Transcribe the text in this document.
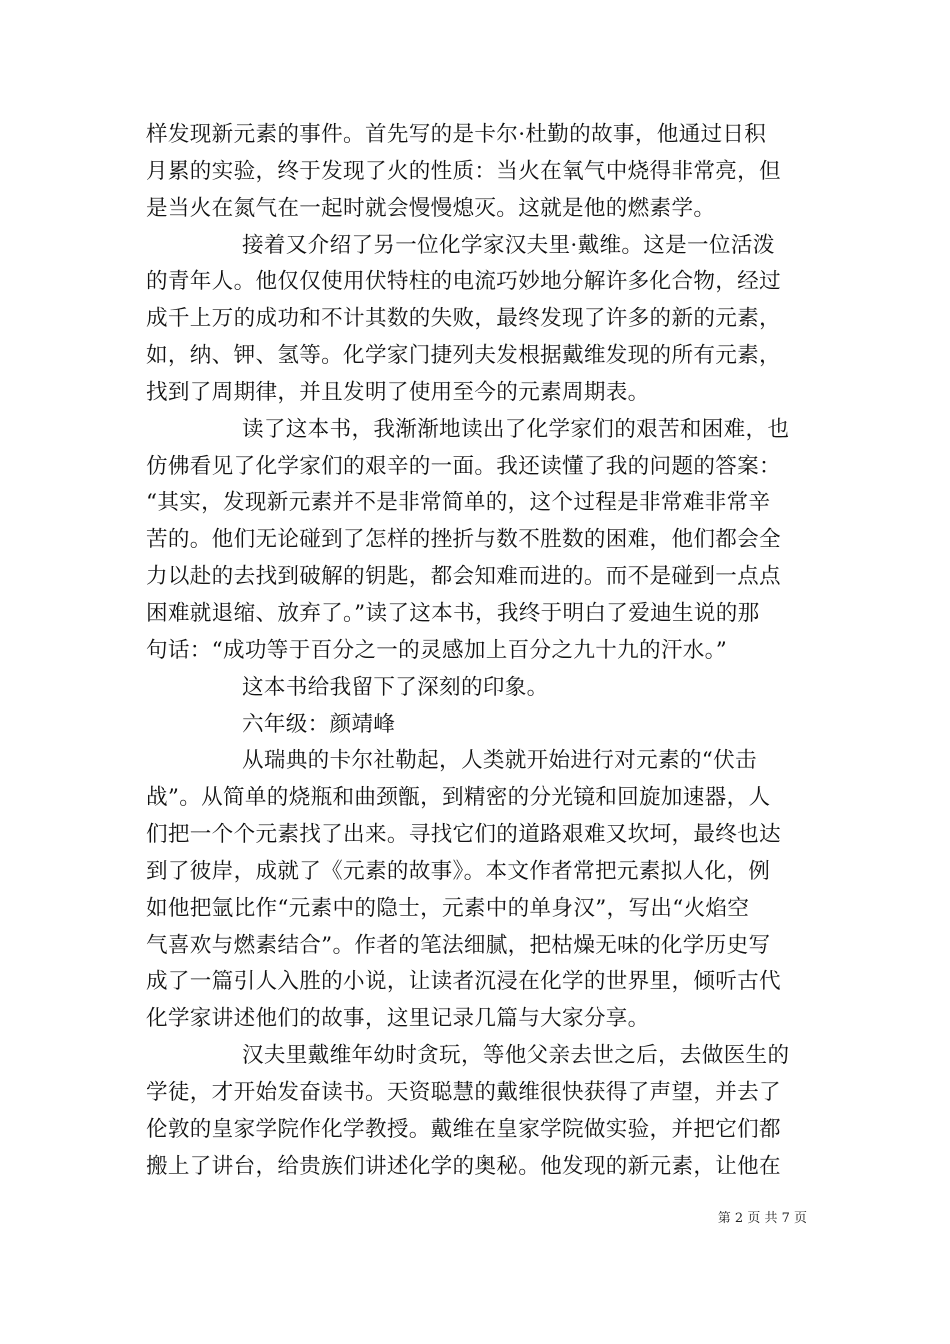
样发现新元素的事件。首先写的是卡尔·杜勤的故事，他通过日积
月累的实验，终于发现了火的性质：当火在氧气中烧得非常亮，但
是当火在氮气在一起时就会慢慢熄灭。这就是他的燃素学。
接着又介绍了另一位化学家汉夫里·戴维。这是一位活泼
的青年人。他仅仅使用伏特柱的电流巧妙地分解许多化合物，经过
成千上万的成功和不计其数的失败，最终发现了许多的新的元素，
如，纳、钾、氢等。化学家门捷列夫发根据戴维发现的所有元素，
找到了周期律，并且发明了使用至今的元素周期表。
读了这本书，我渐渐地读出了化学家们的艰苦和困难，也
仿佛看见了化学家们的艰辛的一面。我还读懂了我的问题的答案：
“其实，发现新元素并不是非常简单的，这个过程是非常难非常辛
苦的。他们无论碰到了怎样的挫折与数不胜数的困难，他们都会全
力以赴的去找到破解的钥匙，都会知难而进的。而不是碰到一点点
困难就退缩、放弃了。”读了这本书，我终于明白了爱迪生说的那
句话：“成功等于百分之一的灵感加上百分之九十九的汗水。”
这本书给我留下了深刻的印象。
六年级：颜靖峰
从瑞典的卡尔社勒起，人类就开始进行对元素的“伏击
战”。从简单的烧瓶和曲颈甑，到精密的分光镜和回旋加速器，人
们把一个个元素找了出来。寻找它们的道路艰难又坎坷，最终也达
到了彼岸，成就了《元素的故事》。本文作者常把元素拟人化，例
如他把氩比作“元素中的隐士，元素中的单身汉”，写出“火焰空
气喜欢与燃素结合”。作者的笔法细腻，把枯燥无味的化学历史写
成了一篇引人入胜的小说，让读者沉浸在化学的世界里，倾听古代
化学家讲述他们的故事，这里记录几篇与大家分享。
汉夫里戴维年幼时贪玩，等他父亲去世之后，去做医生的
学徒，才开始发奋读书。天资聪慧的戴维很快获得了声望，并去了
伦敦的皇家学院作化学教授。戴维在皇家学院做实验，并把它们都
搬上了讲台，给贵族们讲述化学的奥秘。他发现的新元素，让他在
第 2 页 共 7 页
